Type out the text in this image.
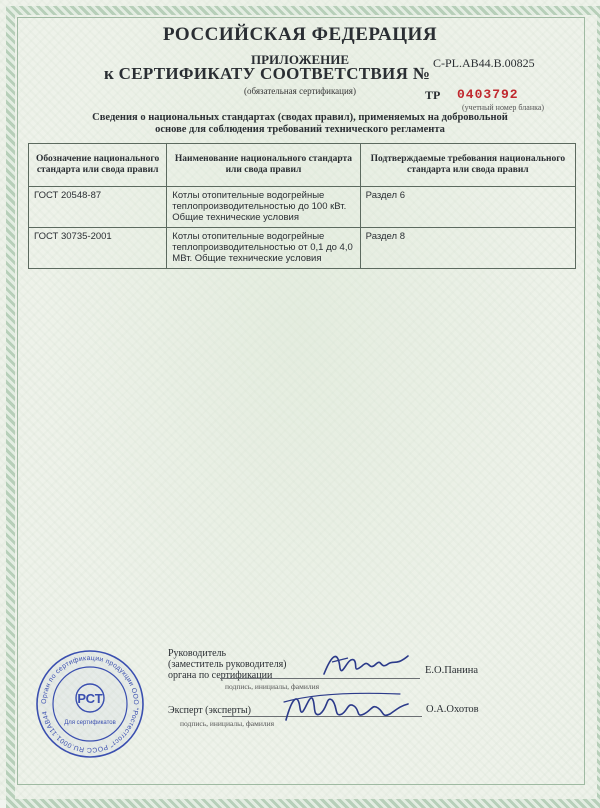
РОССИЙСКАЯ ФЕДЕРАЦИЯ
ПРИЛОЖЕНИЕ
к СЕРТИФИКАТУ СООТВЕТСТВИЯ №
C-PL.AB44.B.00825
(обязательная сертификация)	ТР 0403792
(учетный номер бланка)
Сведения о национальных стандартах (сводах правил), применяемых на добровольной
основе для соблюдения требований технического регламента
Обозначение национального стандарта или свода правил	Наименование национального стандарта или свода правил	Подтверждаемые требования национального стандарта или свода правил
ГОСТ 20548-87	Котлы отопительные водогрейные теплопроизводительностью до 100 кВт. Общие технические условия	Раздел 6
ГОСТ 30735-2001	Котлы отопительные водогрейные теплопроизводительностью от 0,1 до 4,0 МВт. Общие технические условия	Раздел 8
Руководитель
(заместитель руководителя)
органа по сертификации
подпись, инициалы, фамилия
Е.О.Панина
Эксперт (эксперты)
подпись, инициалы, фамилия
О.А.Охотов
Орган по сертификации продукции ООО "Ростестгост" РОСС RU.0001.11AB44
РСТ
Для сертификатов
